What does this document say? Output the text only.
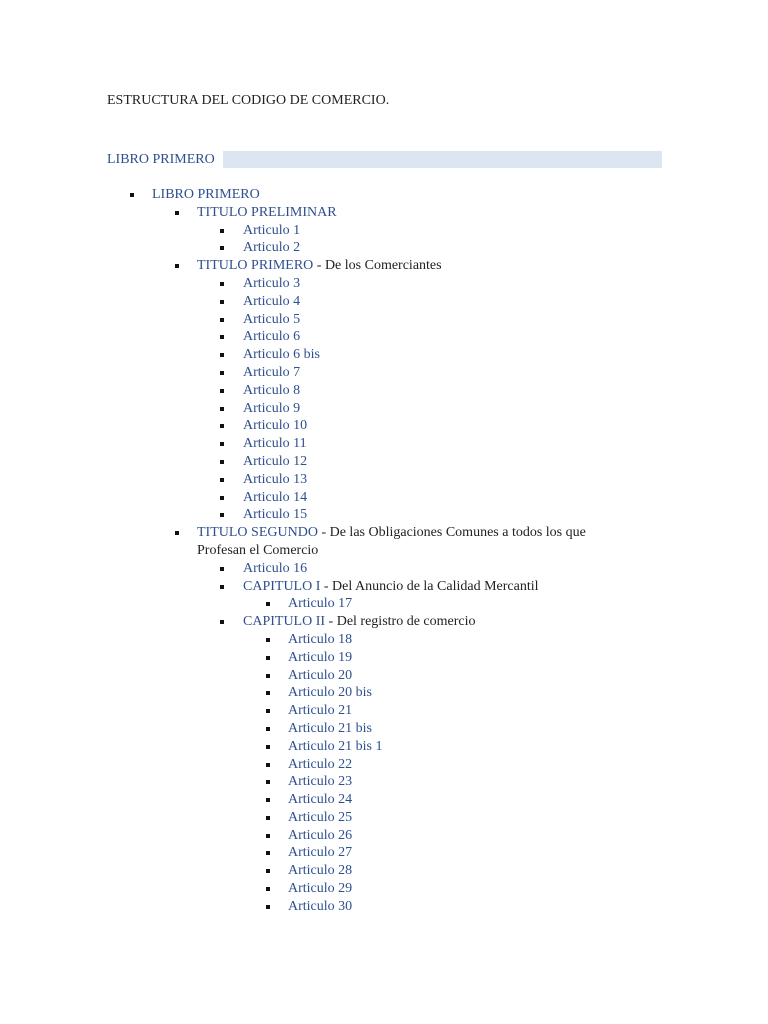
ESTRUCTURA DEL CODIGO DE COMERCIO.
LIBRO PRIMERO
LIBRO PRIMERO
TITULO PRELIMINAR
Articulo 1
Articulo 2
TITULO PRIMERO - De los Comerciantes
Articulo 3
Articulo 4
Articulo 5
Articulo 6
Articulo 6 bis
Articulo 7
Articulo 8
Articulo 9
Articulo 10
Articulo 11
Articulo 12
Articulo 13
Articulo 14
Articulo 15
TITULO SEGUNDO - De las Obligaciones Comunes a todos los que Profesan el Comercio
Articulo 16
CAPITULO I - Del Anuncio de la Calidad Mercantil
Articulo 17
CAPITULO II - Del registro de comercio
Articulo 18
Articulo 19
Articulo 20
Articulo 20 bis
Articulo 21
Articulo 21 bis
Articulo 21 bis 1
Articulo 22
Articulo 23
Articulo 24
Articulo 25
Articulo 26
Articulo 27
Articulo 28
Articulo 29
Articulo 30
